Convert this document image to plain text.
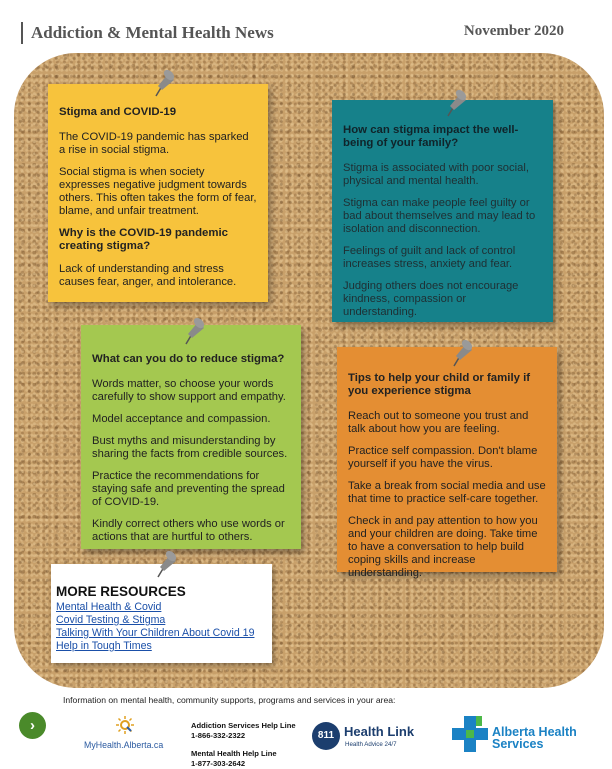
Addiction & Mental Health News	November 2020
Stigma and COVID-19

The COVID-19 pandemic has sparked a rise in social stigma.

Social stigma is when society expresses negative judgment towards others. This often takes the form of fear, blame, and unfair treatment.

Why is the COVID-19 pandemic creating stigma?

Lack of understanding and stress causes fear, anger, and intolerance.

How can stigma impact the well-being of your family?

Stigma is associated with poor social, physical and mental health.

Stigma can make people feel guilty or bad about themselves and may lead to isolation and disconnection.

Feelings of guilt and lack of control increases stress, anxiety and fear.

Judging others does not encourage kindness, compassion or understanding.

What can you do to reduce stigma?

Words matter, so choose your words carefully to show support and empathy.

Model acceptance and compassion.

Bust myths and misunderstanding by sharing the facts from credible sources.

Practice the recommendations for staying safe and preventing the spread of COVID-19.

Kindly correct others who use words or actions that are hurtful to others.

Tips to help your child or family if you experience stigma

Reach out to someone you trust and talk about how you are feeling.

Practice self compassion. Don't blame yourself if you have the virus.

Take a break from social media and use that time to practice self-care together.

Check in and pay attention to how you and your children are doing. Take time to have a conversation to help build coping skills and increase understanding.

MORE RESOURCES
Mental Health & Covid
Covid Testing & Stigma
Talking With Your Children About Covid 19
Help in Tough Times
Information on mental health, community supports, programs and services in your area:
›
MyHealth.Alberta.ca
Addiction Services Help Line
1-866-332-2322
Mental Health Help Line
1-877-303-2642
811 Health Link
Health Advice 24/7
Alberta Health
Services
